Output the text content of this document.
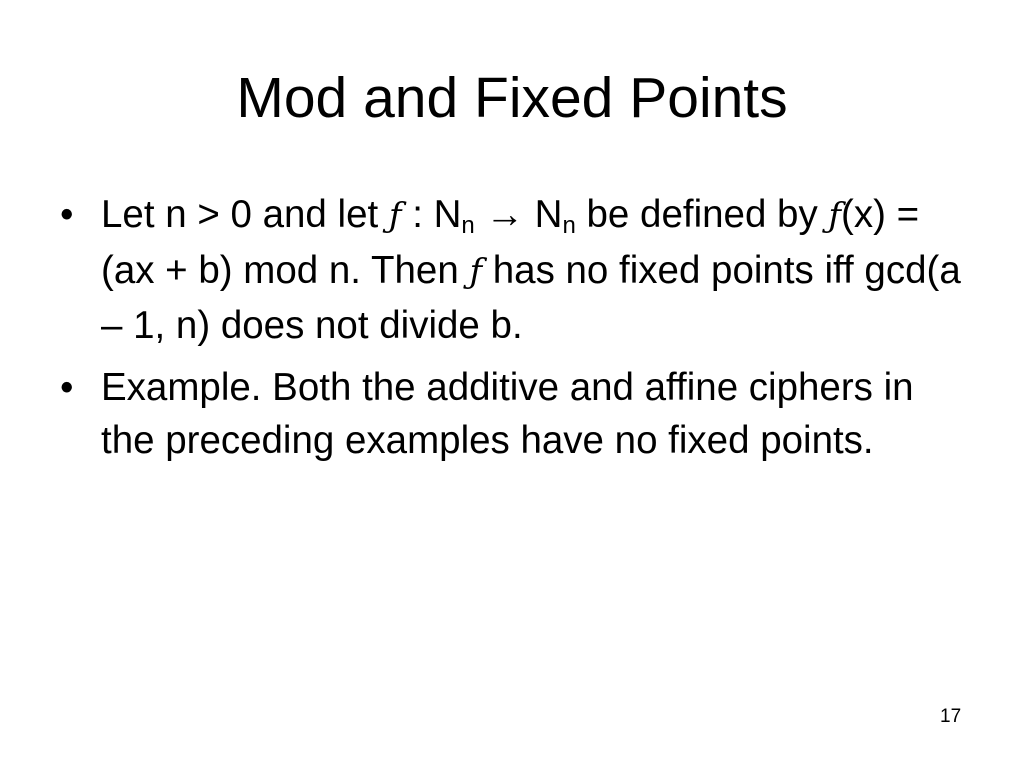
Mod and Fixed Points
• Let n > 0 and let ƒ : $N_n \to N_n$ be defined by ƒ(x) = (ax + b) mod n. Then ƒ has no fixed points iff gcd(a – 1, n) does not divide b.
• Example. Both the additive and affine ciphers in the preceding examples have no fixed points.
17
